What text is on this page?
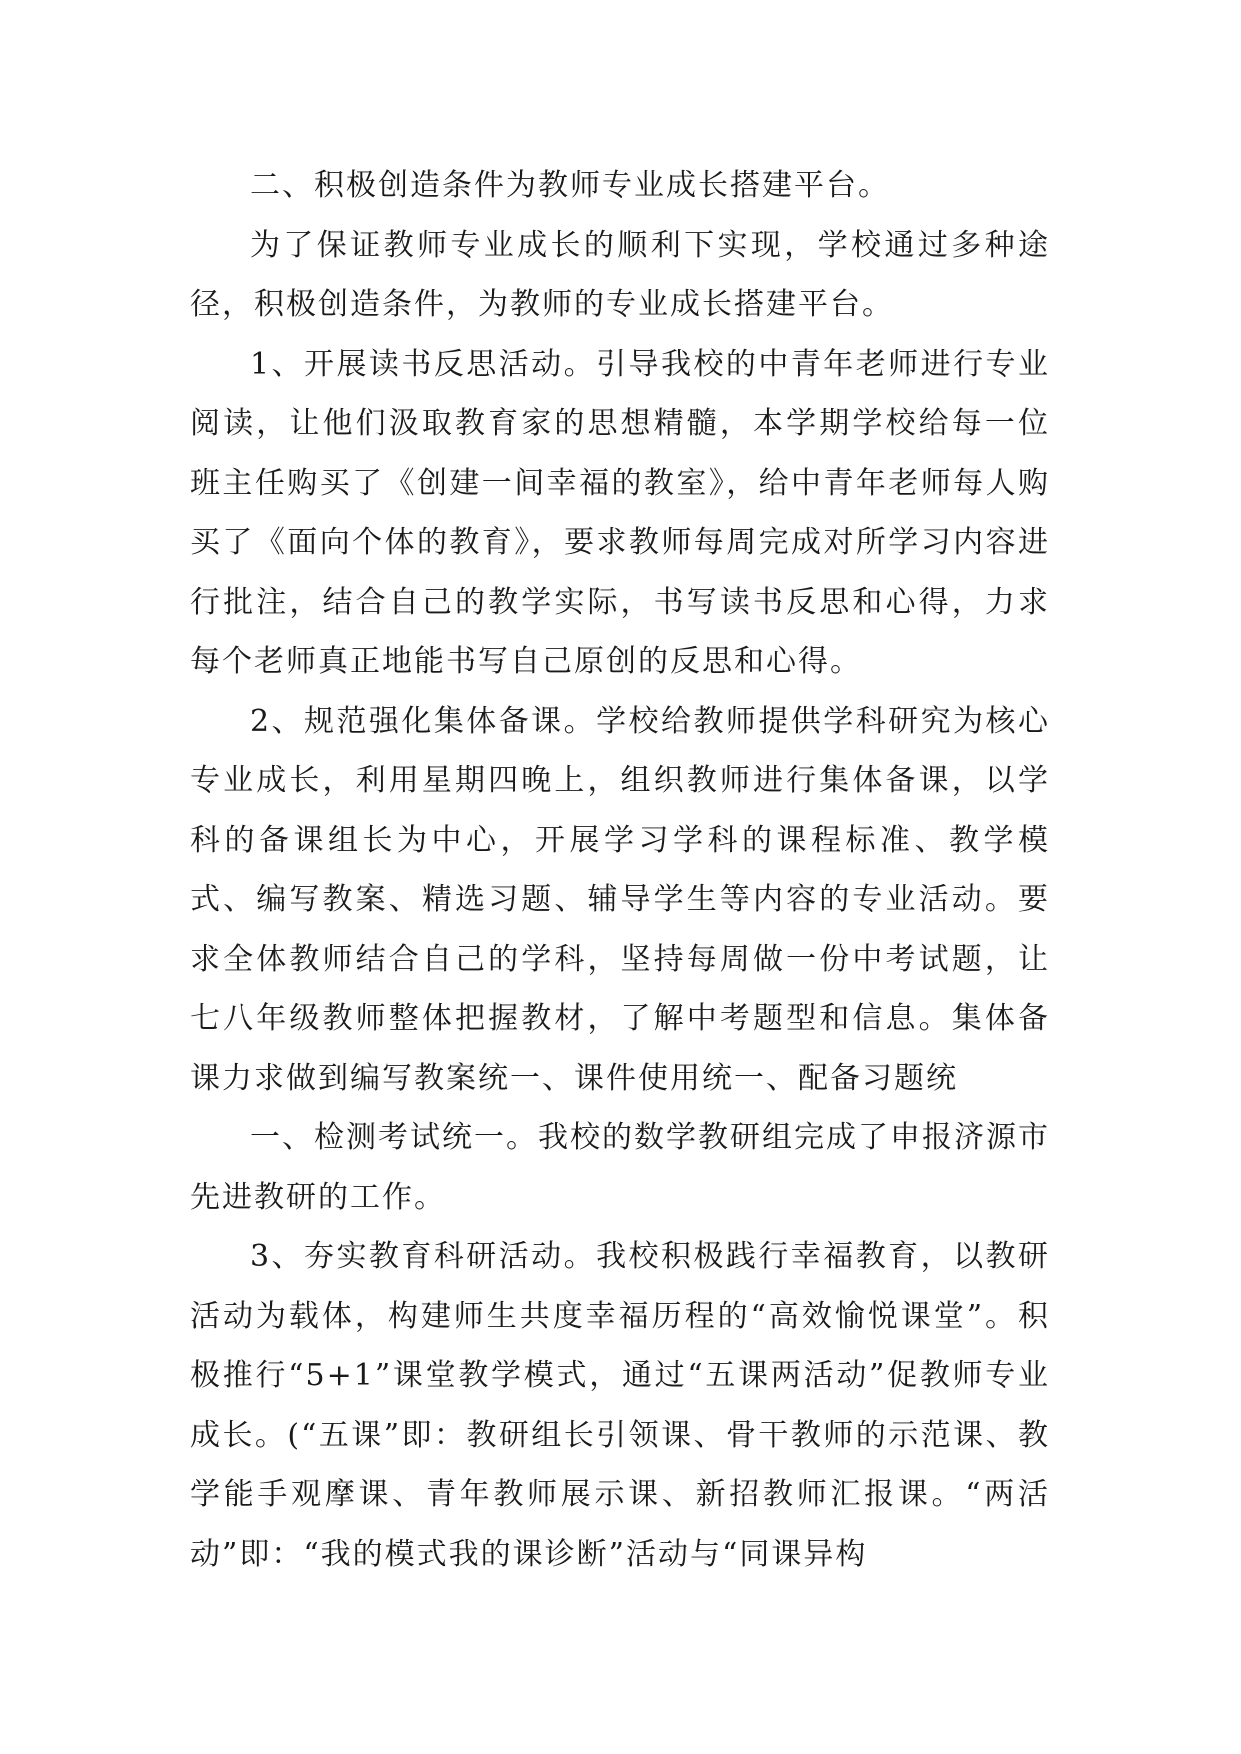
二、积极创造条件为教师专业成长搭建平台。

为了保证教师专业成长的顺利下实现，学校通过多种途径，积极创造条件，为教师的专业成长搭建平台。

1、开展读书反思活动。引导我校的中青年老师进行专业阅读，让他们汲取教育家的思想精髓，本学期学校给每一位班主任购买了《创建一间幸福的教室》，给中青年老师每人购买了《面向个体的教育》，要求教师每周完成对所学习内容进行批注，结合自己的教学实际，书写读书反思和心得，力求每个老师真正地能书写自己原创的反思和心得。

2、规范强化集体备课。学校给教师提供学科研究为核心专业成长，利用星期四晚上，组织教师进行集体备课，以学科的备课组长为中心，开展学习学科的课程标准、教学模式、编写教案、精选习题、辅导学生等内容的专业活动。要求全体教师结合自己的学科，坚持每周做一份中考试题，让七八年级教师整体把握教材，了解中考题型和信息。集体备课力求做到编写教案统一、课件使用统一、配备习题统

一、检测考试统一。我校的数学教研组完成了申报济源市先进教研的工作。

3、夯实教育科研活动。我校积极践行幸福教育，以教研活动为载体，构建师生共度幸福历程的“高效愉悦课堂”。积极推行“5+1”课堂教学模式，通过“五课两活动”促教师专业成长。(“五课”即：教研组长引领课、骨干教师的示范课、教学能手观摩课、青年教师展示课、新招教师汇报课。“两活动”即：“我的模式我的课诊断”活动与“同课异构
